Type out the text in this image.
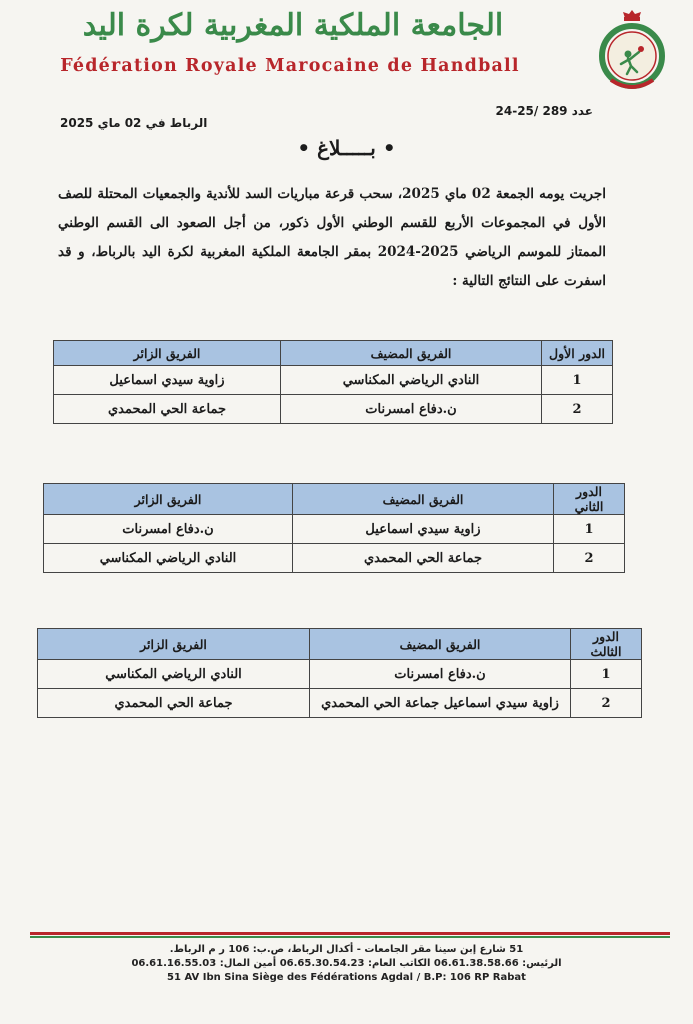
الجامعة الملكية المغربية لكرة اليد
Fédération Royale Marocaine de Handball
الرباط في 02 ماي 2025
عدد 289 /25-24
• بـــــلاغ •
اجريت يومه الجمعة 02 ماي 2025، سحب قرعة مباريات السد للأندية والجمعيات المحتلة للصف الأول في المجموعات الأربع للقسم الوطني الأول ذكور، من أجل الصعود الى القسم الوطني الممتاز للموسم الرياضي 2025-2024 بمقر الجامعة الملكية المغربية لكرة اليد بالرباط، و قد اسفرت على النتائج التالية :
الدور الأول	الفريق المضيف	الفريق الزائر
1	النادي الرياضي المكناسي	زاوية سيدي اسماعيل
2	ن.دفاع امسرنات	جماعة الحي المحمدي
الدور الثاني	الفريق المضيف	الفريق الزائر
1	زاوية سيدي اسماعيل	ن.دفاع امسرنات
2	جماعة الحي المحمدي	النادي الرياضي المكناسي
الدور الثالث	الفريق المضيف	الفريق الزائر
1	ن.دفاع امسرنات	النادي الرياضي المكناسي
2	زاوية سيدي اسماعيل جماعة الحي المحمدي	جماعة الحي المحمدي
51 شارع إبن سينا مقر الجامعات - أكدال الرباط، ص.ب: 106 ر م الرباط.
الرئيس: 06.61.38.58.66 الكاتب العام: 06.65.30.54.23 أمين المال: 06.61.16.55.03
51 AV Ibn Sina Siège des Fédérations Agdal / B.P: 106 RP Rabat
